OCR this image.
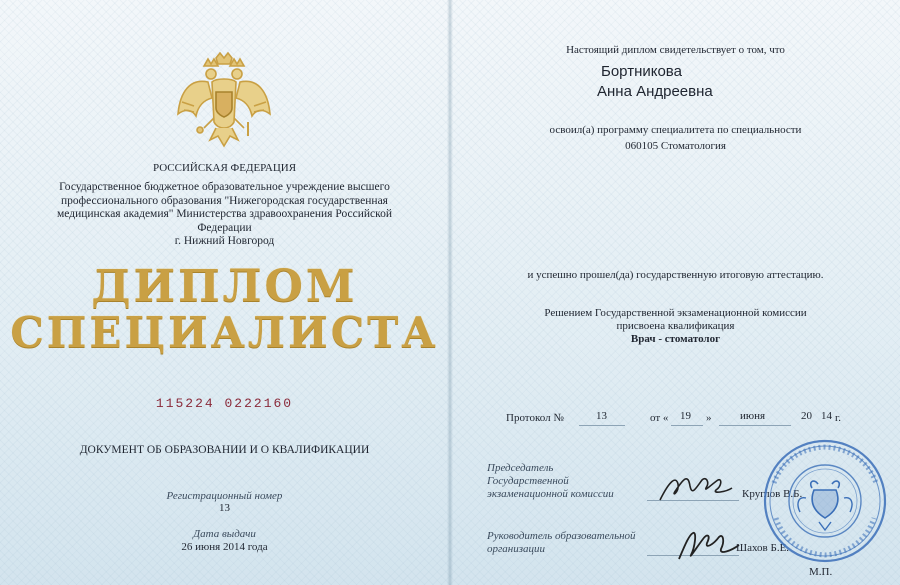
РОССИЙСКАЯ ФЕДЕРАЦИЯ
Государственное бюджетное образовательное учреждение высшего
профессионального образования "Нижегородская государственная
медицинская академия" Министерства здравоохранения Российской
Федерации
г. Нижний Новгород
ДИПЛОМ
СПЕЦИАЛИСТА
115224 0222160
ДОКУМЕНТ ОБ ОБРАЗОВАНИИ И О КВАЛИФИКАЦИИ
Регистрационный номер
13
Дата выдачи
26 июня 2014 года
Настоящий диплом свидетельствует о том, что
Бортникова
Анна Андреевна
освоил(а) программу специалитета по специальности
060105 Стоматология
и успешно прошел(да) государственную итоговую аттестацию.
Решением Государственной экзаменационной комиссии
присвоена квалификация
Врач - стоматолог
Протокол №	13	от « 19 »	июня	20 14 г.
Председатель
Государственной
экзаменационной комиссии	Круглов В.Б.
Руководитель образовательной
организации	Шахов Б.Е.
М.П.
